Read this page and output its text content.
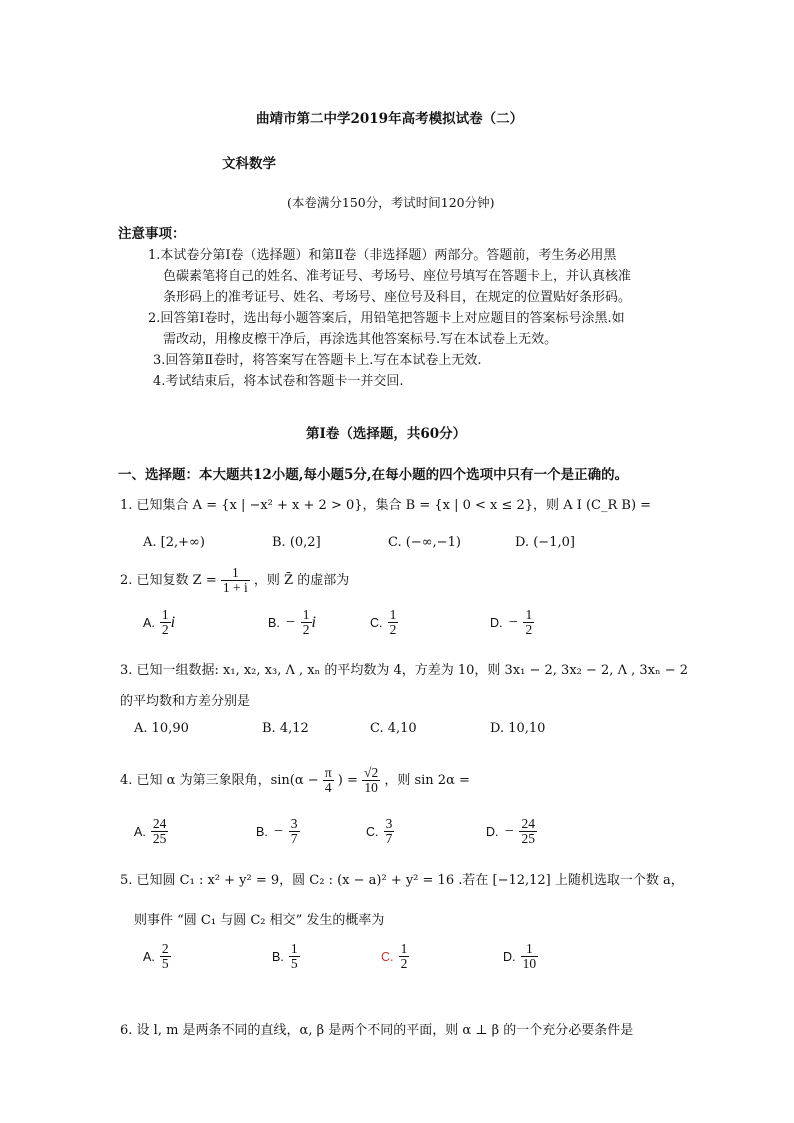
曲靖市第二中学2019年高考模拟试卷（二）
文科数学
(本卷满分150分，考试时间120分钟)
注意事项：
1.本试卷分第Ⅰ卷（选择题）和第Ⅱ卷（非选择题）两部分。答题前，考生务必用黑
色碳素笔将自己的姓名、准考证号、考场号、座位号填写在答题卡上，并认真核准
条形码上的准考证号、姓名、考场号、座位号及科目，在规定的位置贴好条形码。
2.回答第Ⅰ卷时，选出每小题答案后，用铅笔把答题卡上对应题目的答案标号涂黑.如
需改动，用橡皮檫干净后，再涂选其他答案标号.写在本试卷上无效。
3.回答第Ⅱ卷时，将答案写在答题卡上.写在本试卷上无效.
4.考试结束后，将本试卷和答题卡一并交回.
第Ⅰ卷（选择题，共60分）
一、选择题：本大题共12小题,每小题5分,在每小题的四个选项中只有一个是正确的。
1. 已知集合 A = {x | −x² + x + 2 > 0}，集合 B = {x | 0 < x ≤ 2}，则 A I (C_R B) =
A. [2,+∞)	B. (0,2]	C. (−∞,−1)	D. (−1,0]
2. 已知复数 $Z = \frac{1}{1 + i}$ ，则 Z̄ 的虚部为
A. $\frac{1}{2}$ i	B. − $\frac{1}{2}$ i	C. $\frac{1}{2}$	D. − $\frac{1}{2}$
3. 已知一组数据: x₁, x₂, x₃, Λ , xₙ 的平均数为 4，方差为 10，则 3x₁ − 2, 3x₂ − 2, Λ , 3xₙ − 2
的平均数和方差分别是
A. 10,90	B. 4,12	C. 4,10	D. 10,10
4. 已知 α 为第三象限角，$\sin(\alpha - \frac{\pi}{4}$ ) = $\frac{√2}{10}$ ，则 sin 2α =
A. $\frac{24}{25}$	B. − $\frac{3}{7}$	C. $\frac{3}{7}$	D. − $\frac{24}{25}$
5. 已知圆 C₁ : x² + y² = 9，圆 C₂ : (x − a)² + y² = 16 .若在 [−12,12] 上随机选取一个数 a，
则事件 “圆 C₁ 与圆 C₂ 相交” 发生的概率为
A. $\frac{2}{5}$	B. $\frac{1}{5}$	C. $\frac{1}{2}$	D. $\frac{1}{10}$
6. 设 l, m 是两条不同的直线，α, β 是两个不同的平面，则 α ⊥ β 的一个充分必要条件是
